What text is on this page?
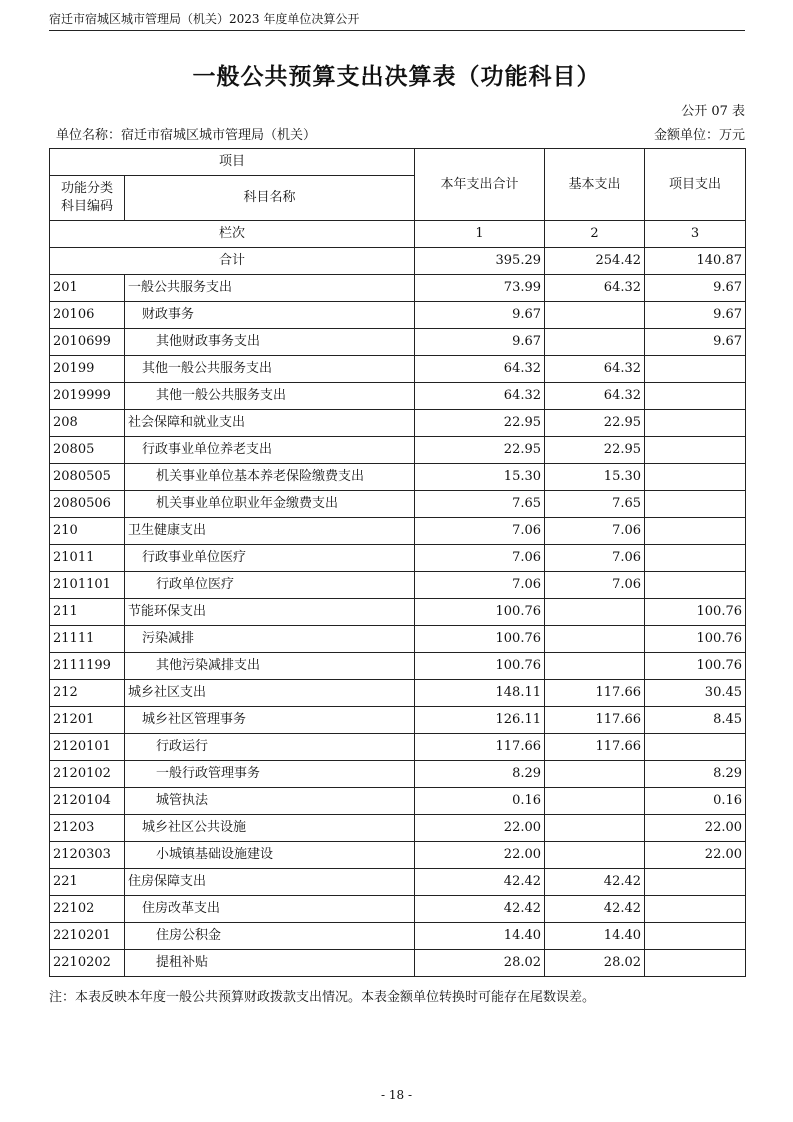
宿迁市宿城区城市管理局（机关）2023 年度单位决算公开
一般公共预算支出决算表（功能科目）
公开 07 表
单位名称：宿迁市宿城区城市管理局（机关）	金额单位：万元
项目		本年支出合计	基本支出	项目支出
功能分类
科目编码	科目名称			
栏次		1	2	3
合计		395.29	254.42	140.87
201	一般公共服务支出	73.99	64.32	9.67
20106	财政事务	9.67		9.67
2010699	其他财政事务支出	9.67		9.67
20199	其他一般公共服务支出	64.32	64.32	
2019999	其他一般公共服务支出	64.32	64.32	
208	社会保障和就业支出	22.95	22.95	
20805	行政事业单位养老支出	22.95	22.95	
2080505	机关事业单位基本养老保险缴费支出	15.30	15.30	
2080506	机关事业单位职业年金缴费支出	7.65	7.65	
210	卫生健康支出	7.06	7.06	
21011	行政事业单位医疗	7.06	7.06	
2101101	行政单位医疗	7.06	7.06	
211	节能环保支出	100.76		100.76
21111	污染减排	100.76		100.76
2111199	其他污染减排支出	100.76		100.76
212	城乡社区支出	148.11	117.66	30.45
21201	城乡社区管理事务	126.11	117.66	8.45
2120101	行政运行	117.66	117.66	
2120102	一般行政管理事务	8.29		8.29
2120104	城管执法	0.16		0.16
21203	城乡社区公共设施	22.00		22.00
2120303	小城镇基础设施建设	22.00		22.00
221	住房保障支出	42.42	42.42	
22102	住房改革支出	42.42	42.42	
2210201	住房公积金	14.40	14.40	
2210202	提租补贴	28.02	28.02	
注：本表反映本年度一般公共预算财政拨款支出情况。本表金额单位转换时可能存在尾数误差。
- 18 -
